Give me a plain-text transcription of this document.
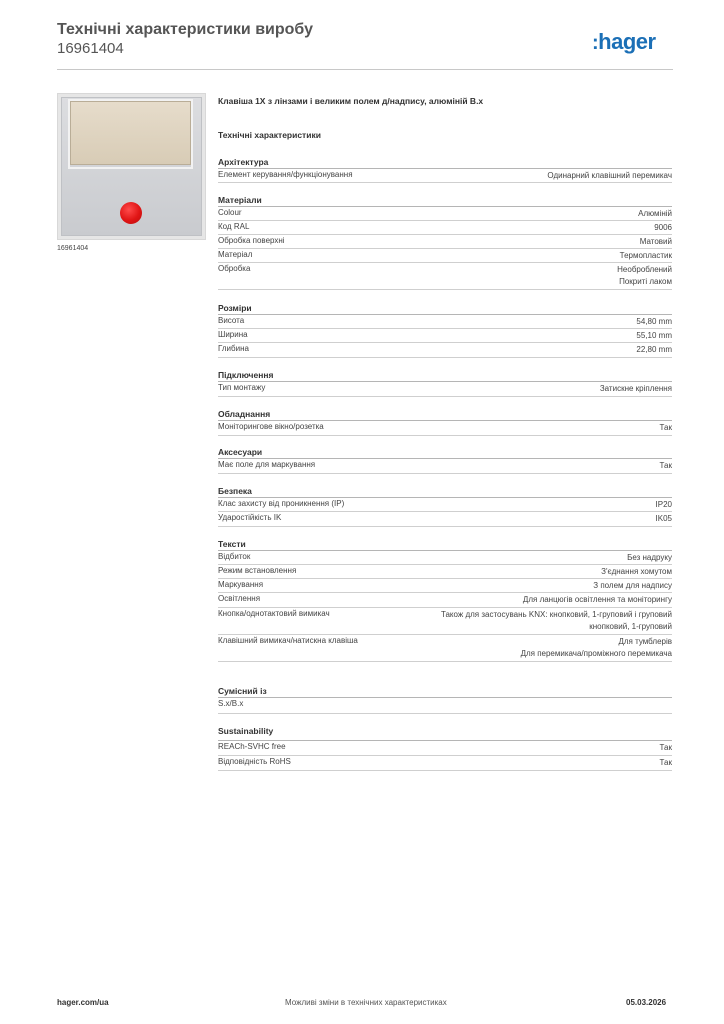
Технічні характеристики виробу
16961404	:hager
16961404
Клавіша 1Х з лінзами і великим полем д/надпису, алюміній B.x
Технічні характеристики
Архітектура
Елемент керування/функціонування	Одинарний клавішний перемикач
Матеріали
Colour	Алюміній
Код RAL	9006
Обробка поверхні	Матовий
Матеріал	Термопластик
Обробка	Необроблений
Покриті лаком
Розміри
Висота	54,80 mm
Ширина	55,10 mm
Глибина	22,80 mm
Підключення
Тип монтажу	Затискне кріплення
Обладнання
Моніторингове вікно/розетка	Так
Аксесуари
Має поле для маркування	Так
Безпека
Клас захисту від проникнення (IP)	IP20
Ударостійкість IK	IK05
Тексти
Відбиток	Без надруку
Режим встановлення	З'єднання хомутом
Маркування	З полем для надпису
Освітлення	Для ланцюгів освітлення та моніторингу
Кнопка/однотактовий вимикач	Також для застосувань KNX: кнопковий, 1-груповий і груповий
кнопковий, 1-груповий
Клавішний вимикач/натискна клавіша	Для тумблерів
Для перемикача/проміжного перемикача
Сумісний із
S.x/B.x
Sustainability
REACh-SVHC free	Так
Відповідність RoHS	Так
hager.com/ua	Можливі зміни в технічних характеристиках	05.03.2026
